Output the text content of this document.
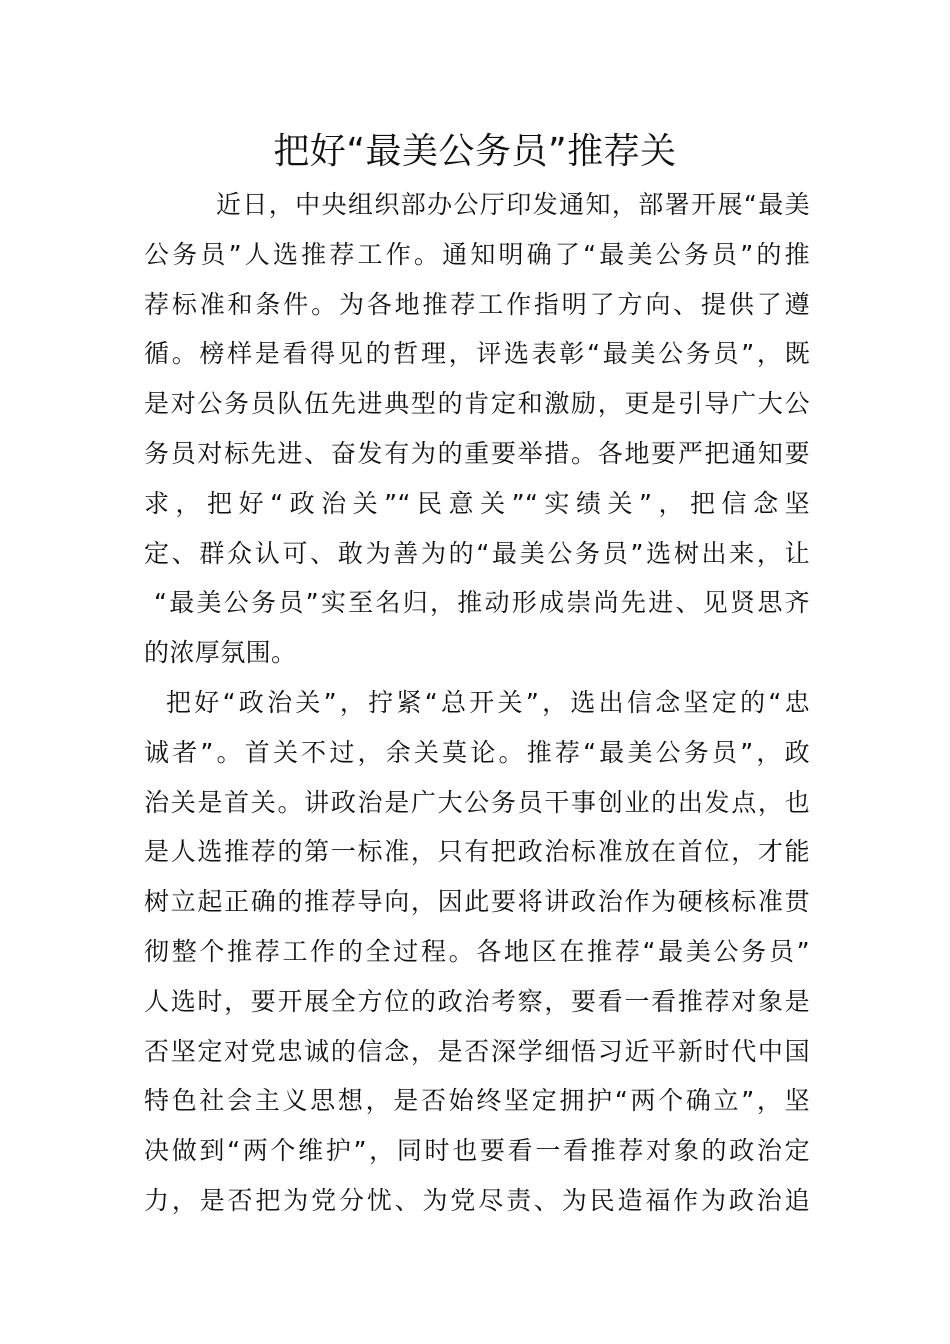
把好“最美公务员”推荐关
近日，中央组织部办公厅印发通知，部署开展“最美
公务员”人选推荐工作。通知明确了“最美公务员”的推
荐标准和条件。为各地推荐工作指明了方向、提供了遵
循。榜样是看得见的哲理，评选表彰“最美公务员”，既
是对公务员队伍先进典型的肯定和激励，更是引导广大公
务员对标先进、奋发有为的重要举措。各地要严把通知要
求，把好“政治关”“民意关”“实绩关”，把信念坚
定、群众认可、敢为善为的“最美公务员”选树出来，让
“最美公务员”实至名归，推动形成崇尚先进、见贤思齐
的浓厚氛围。
把好“政治关”，拧紧“总开关”，选出信念坚定的“忠
诚者”。首关不过，余关莫论。推荐“最美公务员”，政
治关是首关。讲政治是广大公务员干事创业的出发点，也
是人选推荐的第一标准，只有把政治标准放在首位，才能
树立起正确的推荐导向，因此要将讲政治作为硬核标准贯
彻整个推荐工作的全过程。各地区在推荐“最美公务员”
人选时，要开展全方位的政治考察，要看一看推荐对象是
否坚定对党忠诚的信念，是否深学细悟习近平新时代中国
特色社会主义思想，是否始终坚定拥护“两个确立”，坚
决做到“两个维护”，同时也要看一看推荐对象的政治定
力，是否把为党分忧、为党尽责、为民造福作为政治追
